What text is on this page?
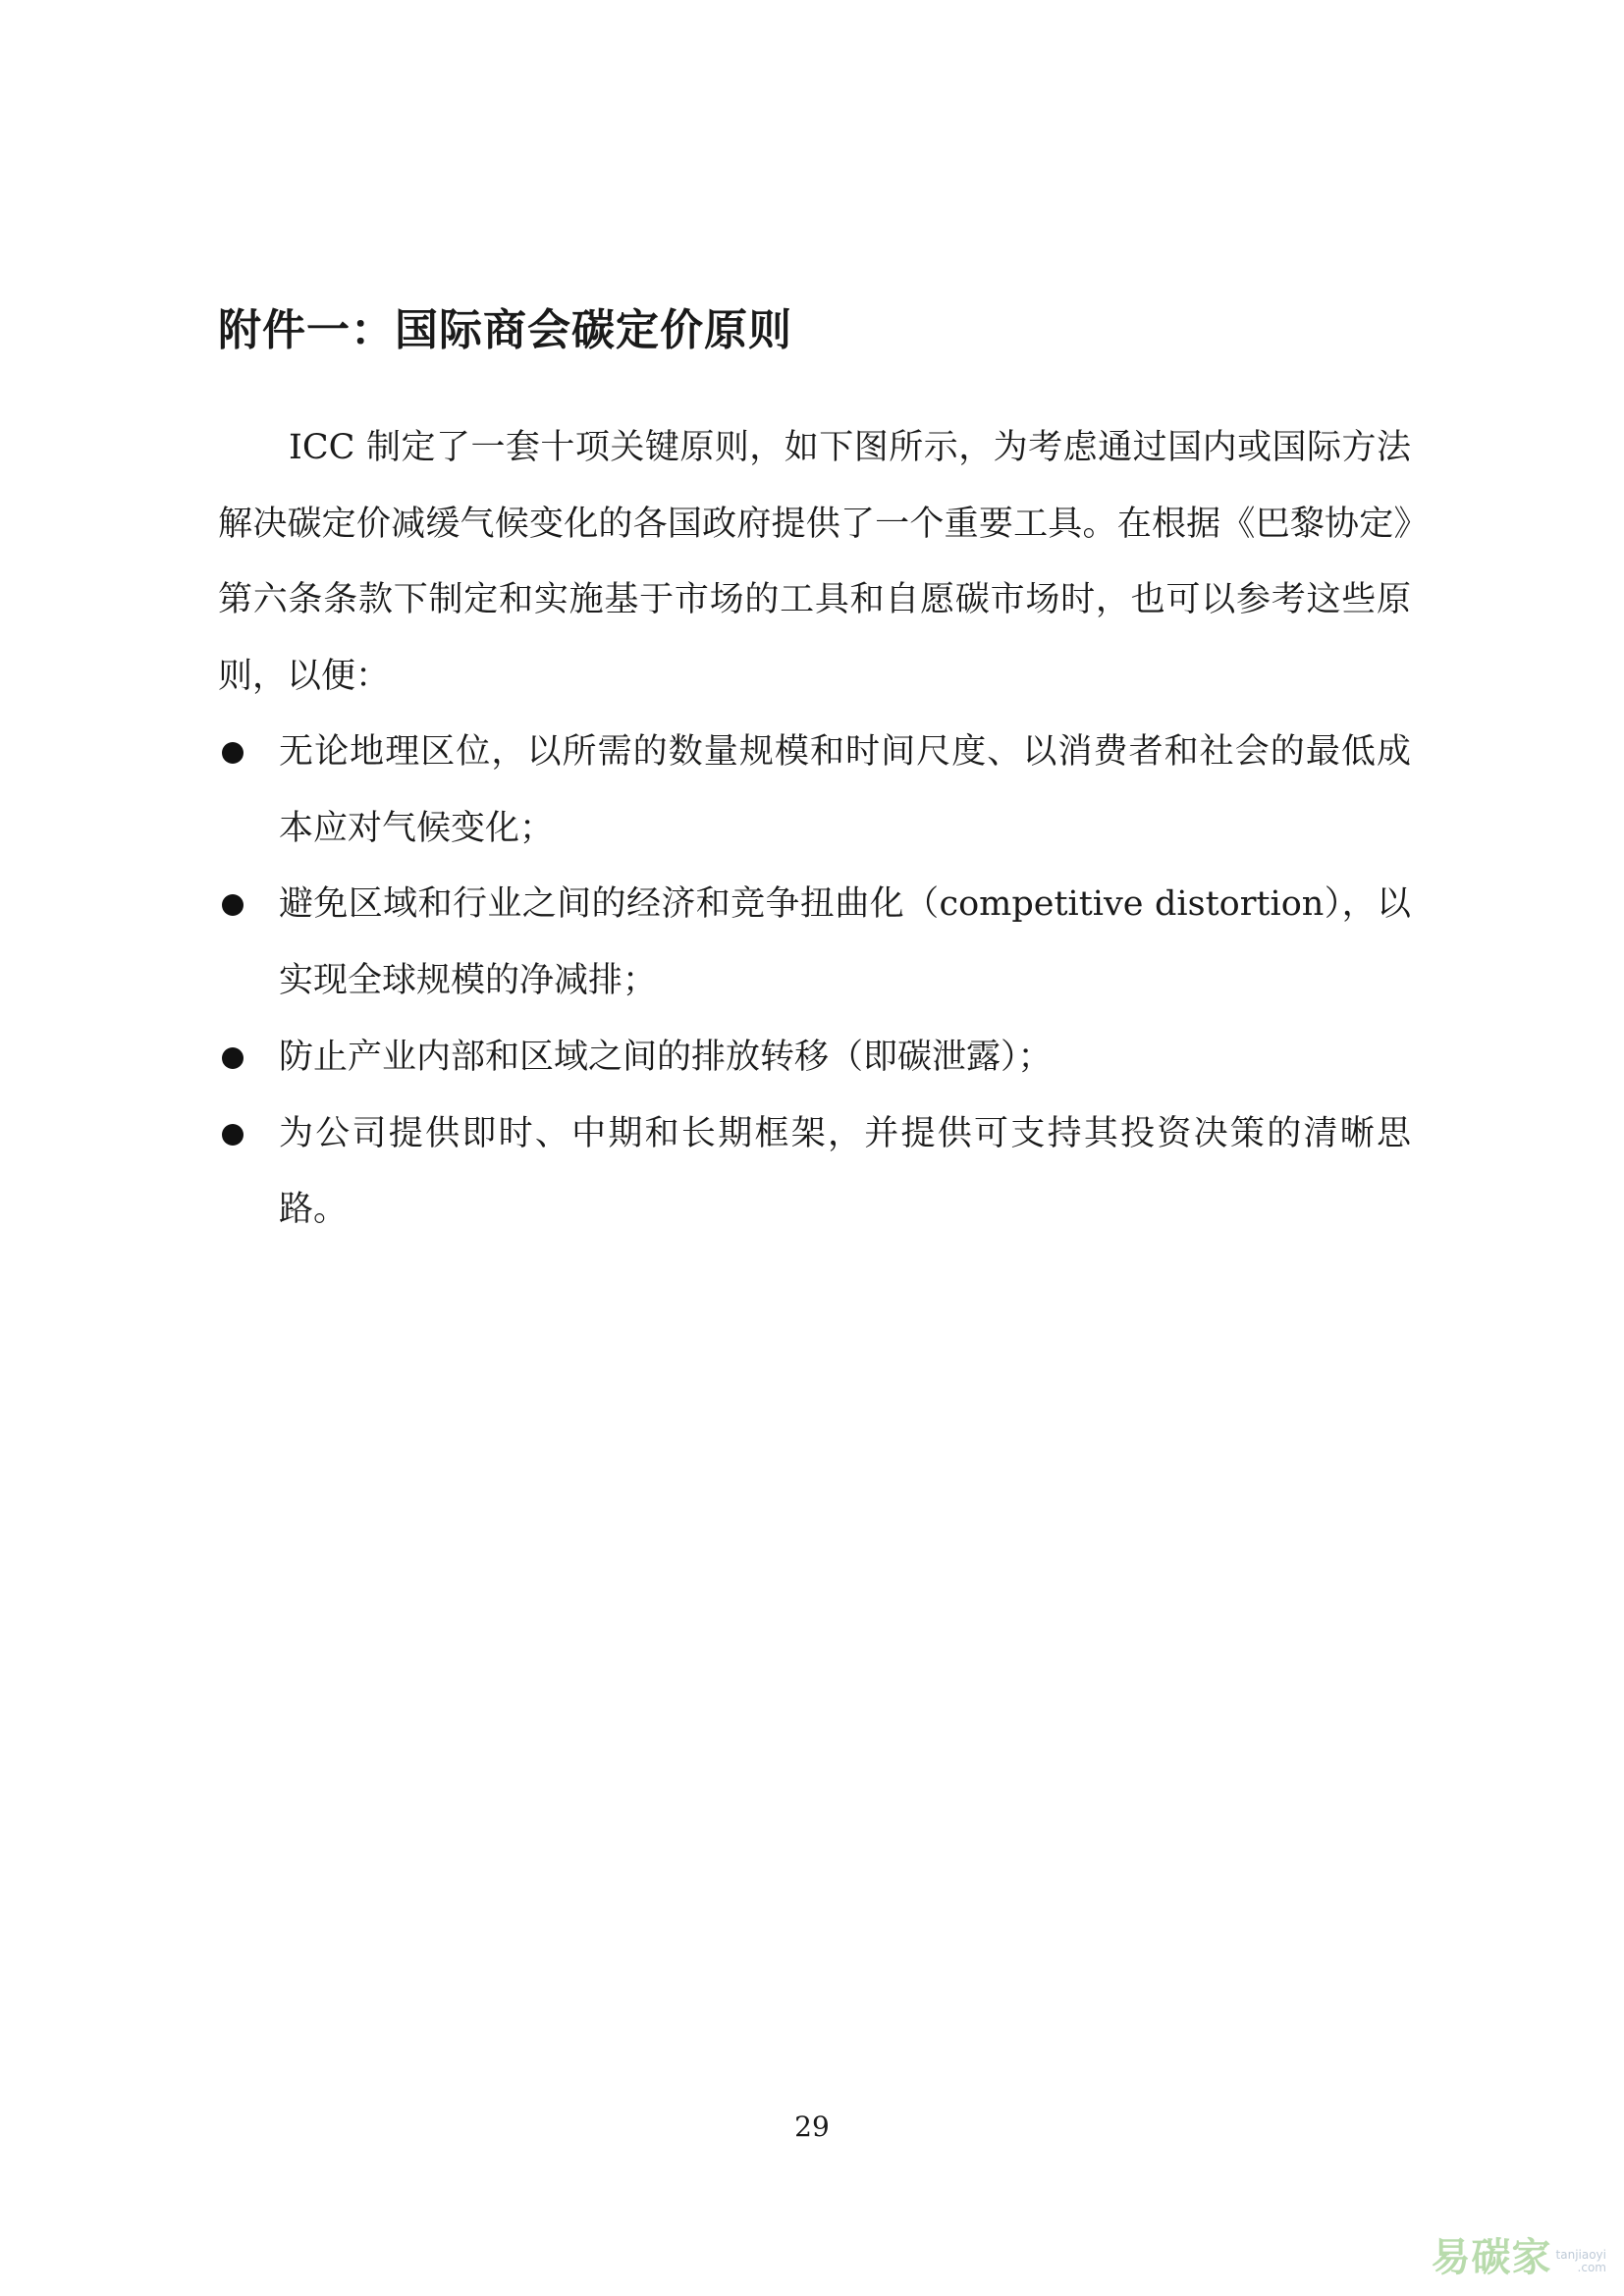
附件一：国际商会碳定价原则

ICC 制定了一套十项关键原则，如下图所示，为考虑通过国内或国际方法解决碳定价减缓气候变化的各国政府提供了一个重要工具。在根据《巴黎协定》第六条条款下制定和实施基于市场的工具和自愿碳市场时，也可以参考这些原则，以便：

无论地理区位，以所需的数量规模和时间尺度、以消费者和社会的最低成本应对气候变化；
避免区域和行业之间的经济和竞争扭曲化（competitive distortion），以实现全球规模的净减排；
防止产业内部和区域之间的排放转移（即碳泄露）；
为公司提供即时、中期和长期框架，并提供可支持其投资决策的清晰思路。
29
易碳家 tanjiaoyi
.com
